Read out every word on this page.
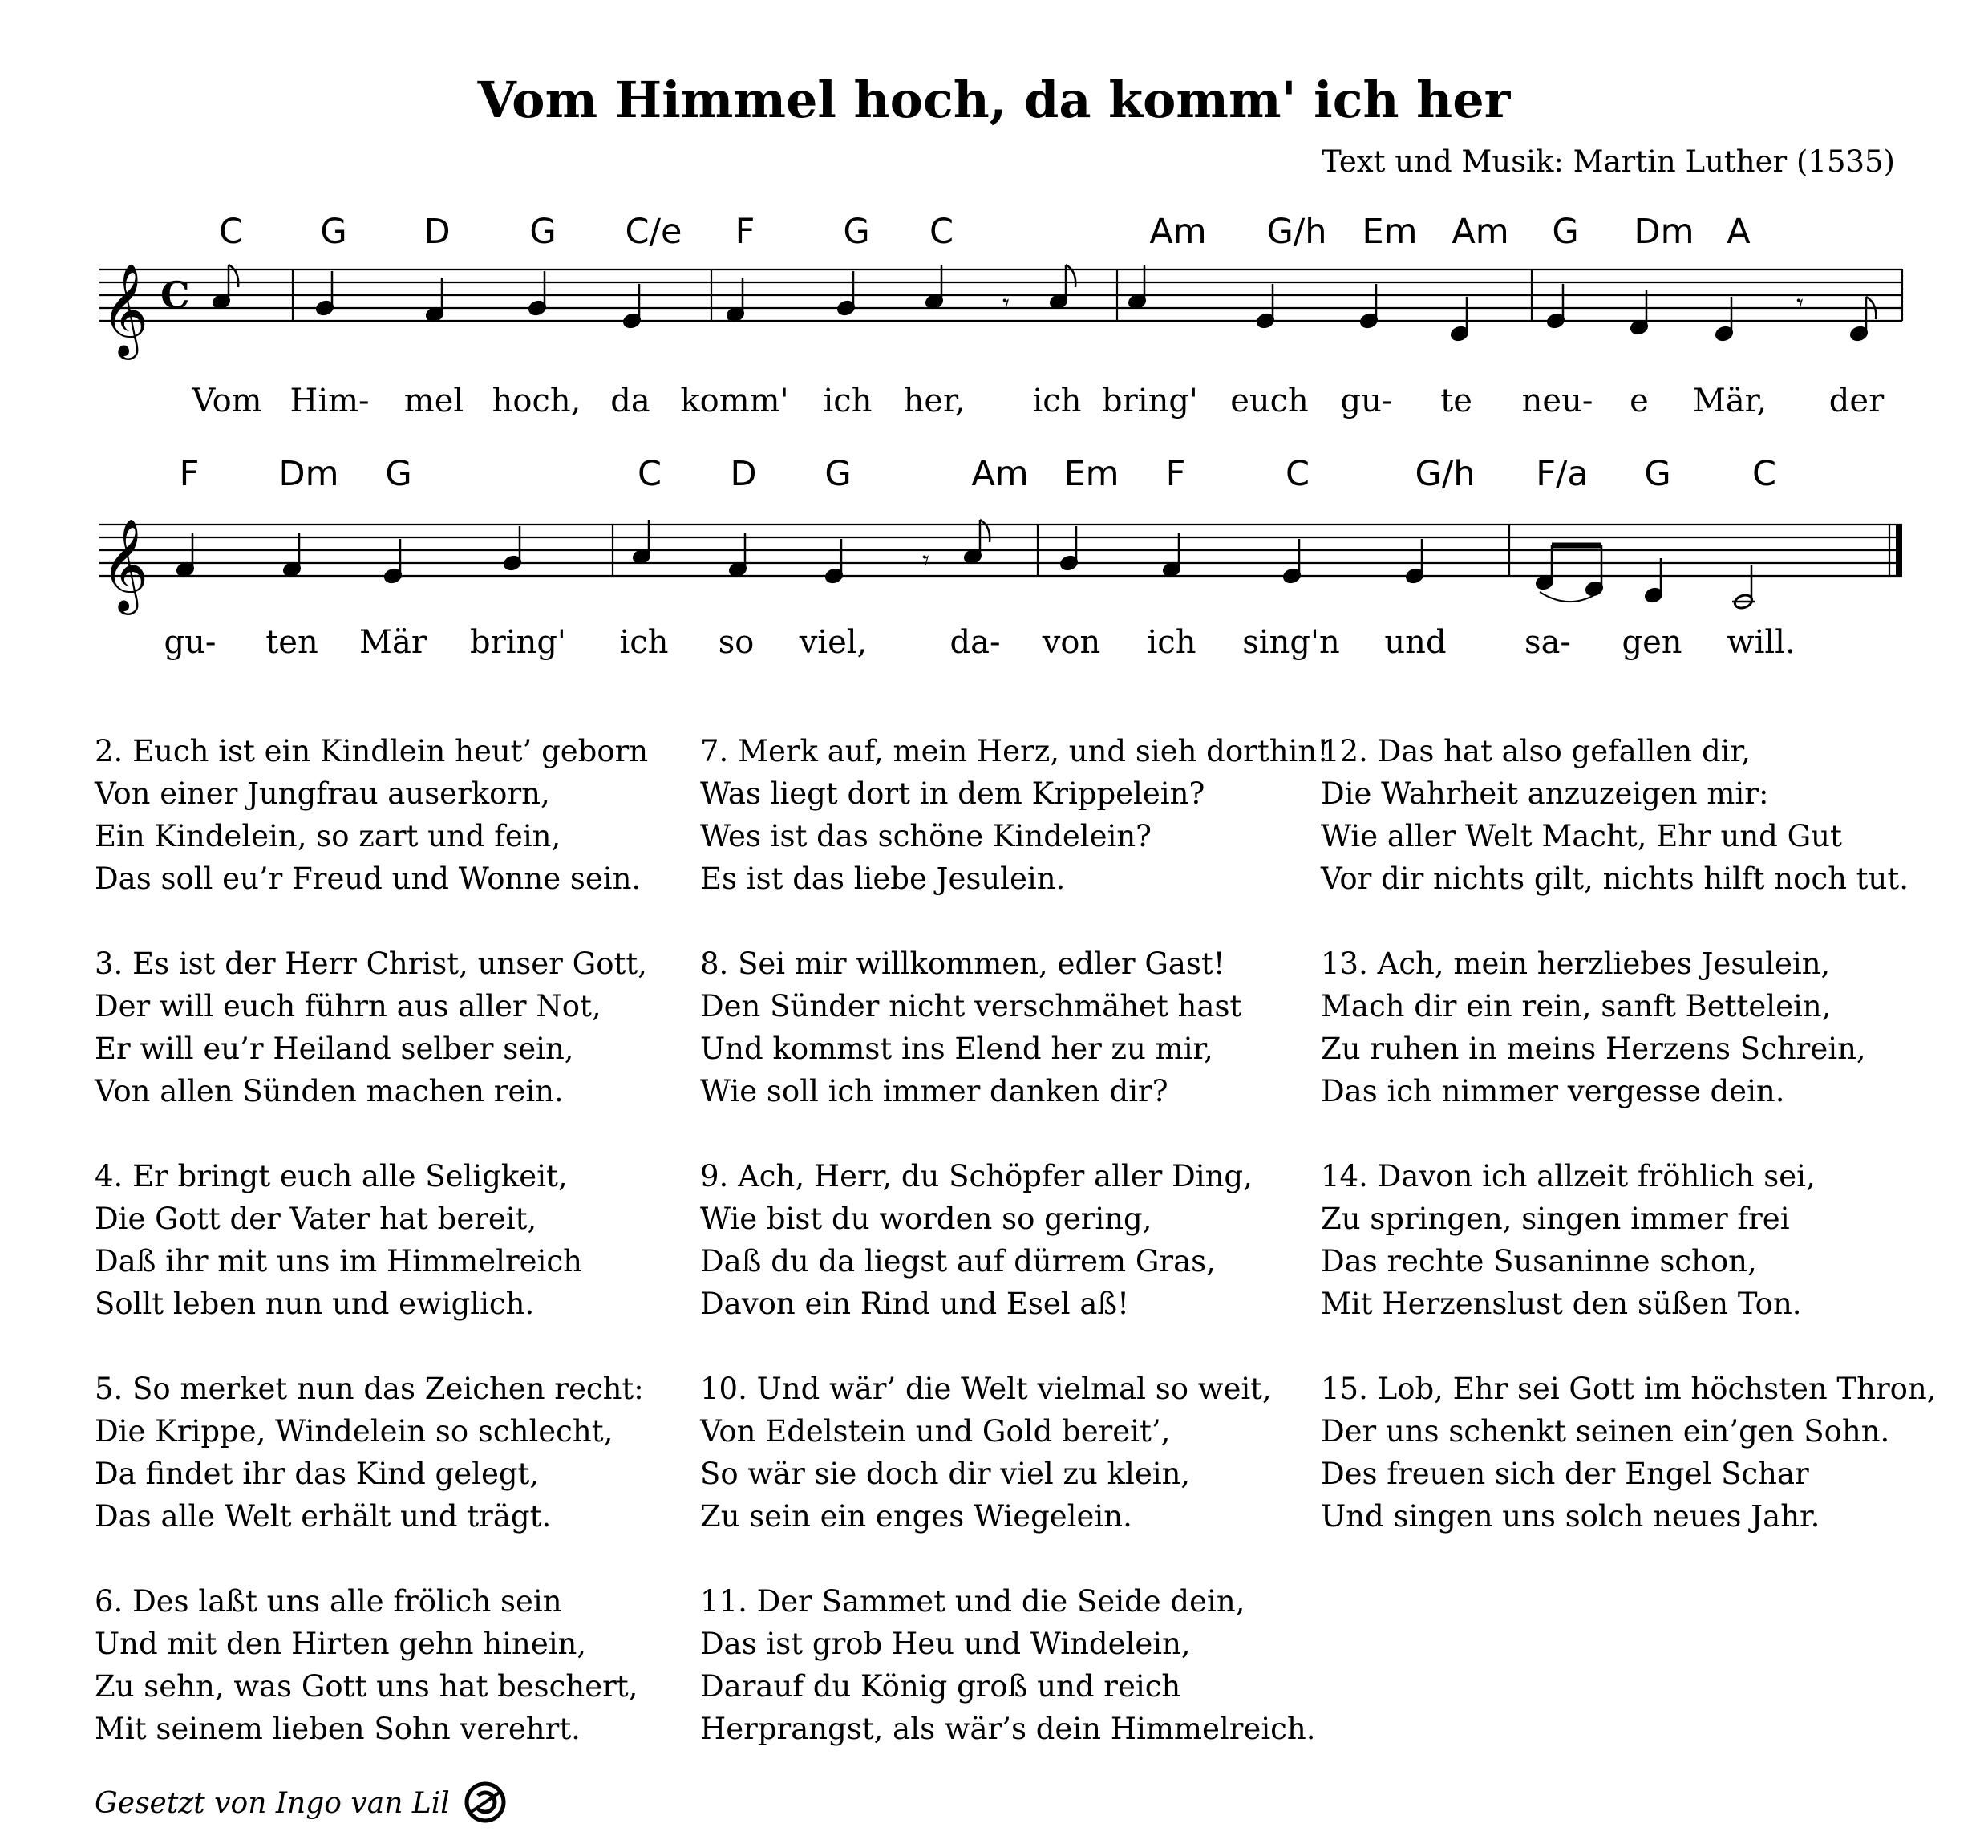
Vom Himmel hoch, da komm' ich her
Text und Musik: Martin Luther (1535)
C G D G C/e F	G C	Am G/h Em Am G Dm A
𝄞 C	𝄾	𝄾
Vom Him- mel hoch, da komm' ich her, ich bring' euch gu- te neu- e Mär, der
F Dm G	C D G	Am Em F	C	G/h F/a G C
𝄞	𝄾
gu- ten Mär bring' ich so viel,	da- von ich sing'n und sa- gen will.
2. Euch ist ein Kindlein heut’ geborn
Von einer Jungfrau auserkorn,
Ein Kindelein, so zart und fein,
Das soll eu’r Freud und Wonne sein.
3. Es ist der Herr Christ, unser Gott,
Der will euch führn aus aller Not,
Er will eu’r Heiland selber sein,
Von allen Sünden machen rein.
4. Er bringt euch alle Seligkeit,
Die Gott der Vater hat bereit,
Daß ihr mit uns im Himmelreich
Sollt leben nun und ewiglich.
5. So merket nun das Zeichen recht:
Die Krippe, Windelein so schlecht,
Da findet ihr das Kind gelegt,
Das alle Welt erhält und trägt.
6. Des laßt uns alle frölich sein
Und mit den Hirten gehn hinein,
Zu sehn, was Gott uns hat beschert,
Mit seinem lieben Sohn verehrt.
7. Merk auf, mein Herz, und sieh dorthin!
Was liegt dort in dem Krippelein?
Wes ist das schöne Kindelein?
Es ist das liebe Jesulein.
8. Sei mir willkommen, edler Gast!
Den Sünder nicht verschmähet hast
Und kommst ins Elend her zu mir,
Wie soll ich immer danken dir?
9. Ach, Herr, du Schöpfer aller Ding,
Wie bist du worden so gering,
Daß du da liegst auf dürrem Gras,
Davon ein Rind und Esel aß!
10. Und wär’ die Welt vielmal so weit,
Von Edelstein und Gold bereit’,
So wär sie doch dir viel zu klein,
Zu sein ein enges Wiegelein.
11. Der Sammet und die Seide dein,
Das ist grob Heu und Windelein,
Darauf du König groß und reich
Herprangst, als wär’s dein Himmelreich.
12. Das hat also gefallen dir,
Die Wahrheit anzuzeigen mir:
Wie aller Welt Macht, Ehr und Gut
Vor dir nichts gilt, nichts hilft noch tut.
13. Ach, mein herzliebes Jesulein,
Mach dir ein rein, sanft Bettelein,
Zu ruhen in meins Herzens Schrein,
Das ich nimmer vergesse dein.
14. Davon ich allzeit fröhlich sei,
Zu springen, singen immer frei
Das rechte Susaninne schon,
Mit Herzenslust den süßen Ton.
15. Lob, Ehr sei Gott im höchsten Thron,
Der uns schenkt seinen ein’gen Sohn.
Des freuen sich der Engel Schar
Und singen uns solch neues Jahr.
Gesetzt von Ingo van Lil
